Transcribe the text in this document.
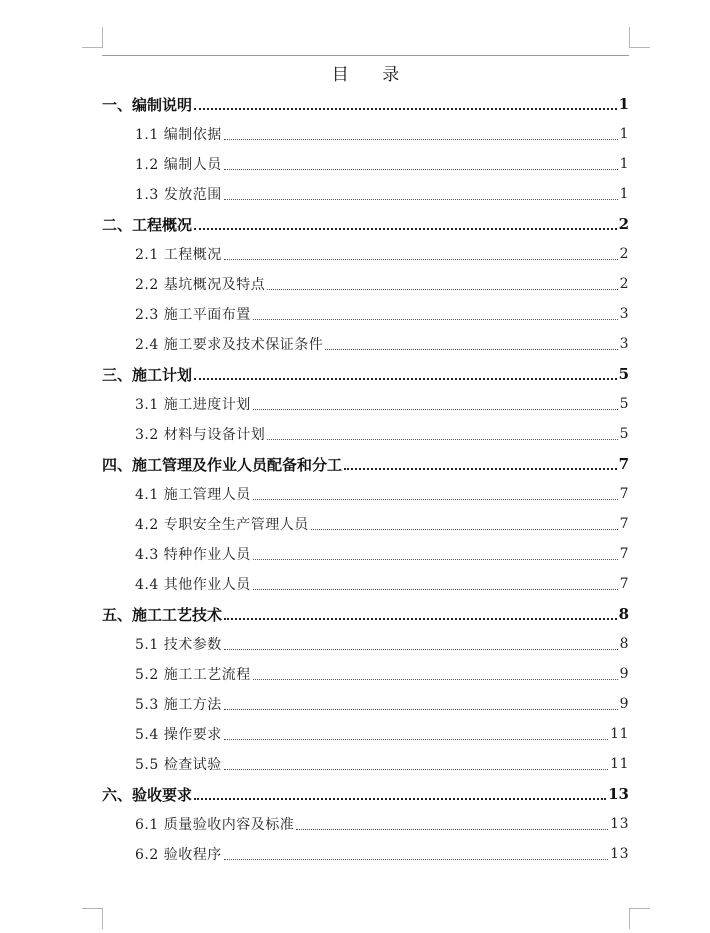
目 录
一、编制说明	1
1.1 编制依据	1
1.2 编制人员	1
1.3 发放范围	1
二、工程概况	2
2.1 工程概况	2
2.2 基坑概况及特点	2
2.3 施工平面布置	3
2.4 施工要求及技术保证条件	3
三、施工计划	5
3.1 施工进度计划	5
3.2 材料与设备计划	5
四、施工管理及作业人员配备和分工	7
4.1 施工管理人员	7
4.2 专职安全生产管理人员	7
4.3 特种作业人员	7
4.4 其他作业人员	7
五、施工工艺技术	8
5.1 技术参数	8
5.2 施工工艺流程	9
5.3 施工方法	9
5.4 操作要求	11
5.5 检查试验	11
六、验收要求	13
6.1 质量验收内容及标准	13
6.2 验收程序	13
